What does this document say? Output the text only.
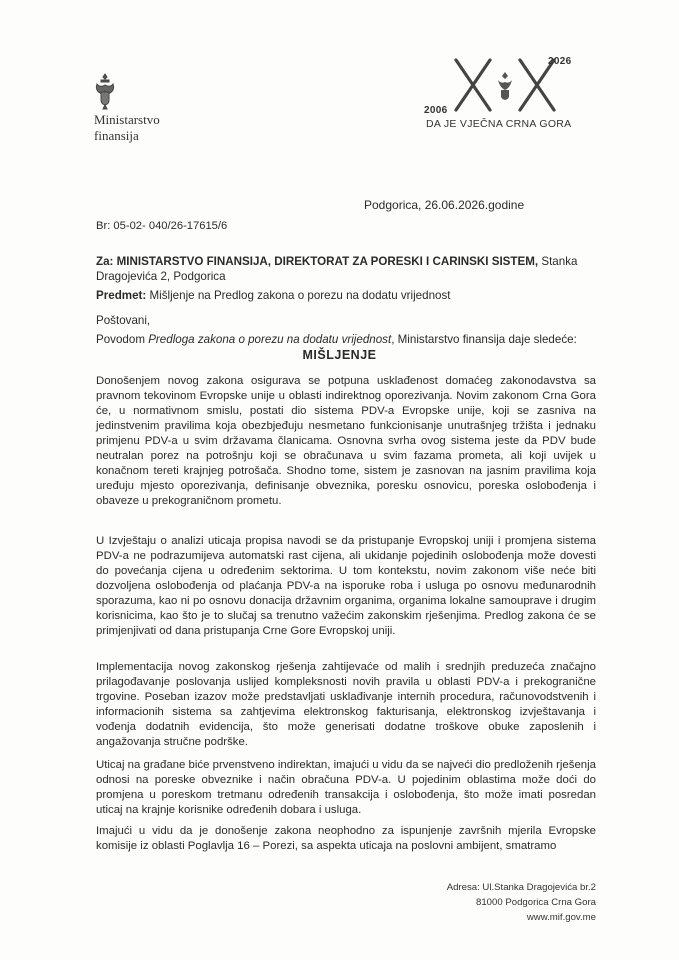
Ministarstvo
finansija
2006
2026
DA JE VJEČNA CRNA GORA
Podgorica, 26.06.2026.godine
Br: 05-02- 040/26-17615/6
Za: MINISTARSTVO FINANSIJA, DIREKTORAT ZA PORESKI I CARINSKI SISTEM, Stanka
Dragojevića 2, Podgorica
Predmet: Mišljenje na Predlog zakona o porezu na dodatu vrijednost
Poštovani,
Povodom Predloga zakona o porezu na dodatu vrijednost, Ministarstvo finansija daje sledeće:
MIŠLJENJE
Donošenjem novog zakona osigurava se potpuna usklađenost domaćeg zakonodavstva sa pravnom tekovinom Evropske unije u oblasti indirektnog oporezivanja. Novim zakonom Crna Gora će, u normativnom smislu, postati dio sistema PDV-a Evropske unije, koji se zasniva na jedinstvenim pravilima koja obezbjeđuju nesmetano funkcionisanje unutrašnjeg tržišta i jednaku primjenu PDV-a u svim državama članicama. Osnovna svrha ovog sistema jeste da PDV bude neutralan porez na potrošnju koji se obračunava u svim fazama prometa, ali koji uvijek u konačnom tereti krajnjeg potrošača. Shodno tome, sistem je zasnovan na jasnim pravilima koja uređuju mjesto oporezivanja, definisanje obveznika, poresku osnovicu, poreska oslobođenja i obaveze u prekograničnom prometu.
U Izvještaju o analizi uticaja propisa navodi se da pristupanje Evropskoj uniji i promjena sistema PDV-a ne podrazumijeva automatski rast cijena, ali ukidanje pojedinih oslobođenja može dovesti do povećanja cijena u određenim sektorima. U tom kontekstu, novim zakonom više neće biti dozvoljena oslobođenja od plaćanja PDV-a na isporuke roba i usluga po osnovu međunarodnih sporazuma, kao ni po osnovu donacija državnim organima, organima lokalne samouprave i drugim korisnicima, kao što je to slučaj sa trenutno važećim zakonskim rješenjima. Predlog zakona će se primjenjivati od dana pristupanja Crne Gore Evropskoj uniji.
Implementacija novog zakonskog rješenja zahtijevaće od malih i srednjih preduzeća značajno prilagođavanje poslovanja uslijed kompleksnosti novih pravila u oblasti PDV-a i prekogranične trgovine. Poseban izazov može predstavljati usklađivanje internih procedura, računovodstvenih i informacionih sistema sa zahtjevima elektronskog fakturisanja, elektronskog izvještavanja i vođenja dodatnih evidencija, što može generisati dodatne troškove obuke zaposlenih i angažovanja stručne podrške.
Uticaj na građane biće prvenstveno indirektan, imajući u vidu da se najveći dio predloženih rješenja odnosi na poreske obveznike i način obračuna PDV-a. U pojedinim oblastima može doći do promjena u poreskom tretmanu određenih transakcija i oslobođenja, što može imati posredan uticaj na krajnje korisnike određenih dobara i usluga.
Imajući u vidu da je donošenje zakona neophodno za ispunjenje završnih mjerila Evropske komisije iz oblasti Poglavlja 16 – Porezi, sa aspekta uticaja na poslovni ambijent, smatramo
Adresa: Ul.Stanka Dragojevića br.2
81000 Podgorica Crna Gora
www.mif.gov.me
